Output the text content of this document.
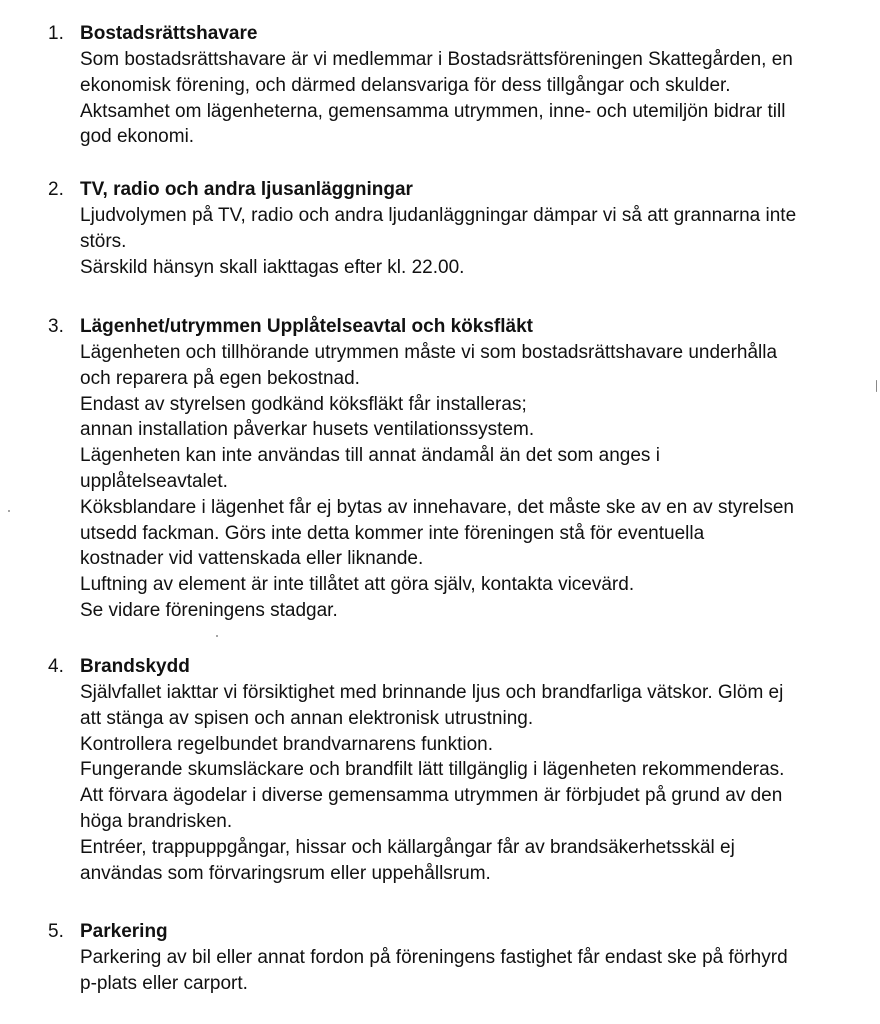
1. Bostadsrättshavare
Som bostadsrättshavare är vi medlemmar i Bostadsrättsföreningen Skattegården, en
ekonomisk förening, och därmed delansvariga för dess tillgångar och skulder.
Aktsamhet om lägenheterna, gemensamma utrymmen, inne- och utemiljön bidrar till
god ekonomi.
2. TV, radio och andra ljusanläggningar
Ljudvolymen på TV, radio och andra ljudanläggningar dämpar vi så att grannarna inte
störs.
Särskild hänsyn skall iakttagas efter kl. 22.00.
3. Lägenhet/utrymmen Upplåtelseavtal och köksfläkt
Lägenheten och tillhörande utrymmen måste vi som bostadsrättshavare underhålla
och reparera på egen bekostnad.
Endast av styrelsen godkänd köksfläkt får installeras;
annan installation påverkar husets ventilationssystem.
Lägenheten kan inte användas till annat ändamål än det som anges i
upplåtelseavtalet.
Köksblandare i lägenhet får ej bytas av innehavare, det måste ske av en av styrelsen
utsedd fackman. Görs inte detta kommer inte föreningen stå för eventuella
kostnader vid vattenskada eller liknande.
Luftning av element är inte tillåtet att göra själv, kontakta vicevärd.
Se vidare föreningens stadgar.
4. Brandskydd
Självfallet iakttar vi försiktighet med brinnande ljus och brandfarliga vätskor. Glöm ej
att stänga av spisen och annan elektronisk utrustning.
Kontrollera regelbundet brandvarnarens funktion.
Fungerande skumsläckare och brandfilt lätt tillgänglig i lägenheten rekommenderas.
Att förvara ägodelar i diverse gemensamma utrymmen är förbjudet på grund av den
höga brandrisken.
Entréer, trappuppgångar, hissar och källargångar får av brandsäkerhetsskäl ej
användas som förvaringsrum eller uppehållsrum.
5. Parkering
Parkering av bil eller annat fordon på föreningens fastighet får endast ske på förhyrd
p-plats eller carport.
